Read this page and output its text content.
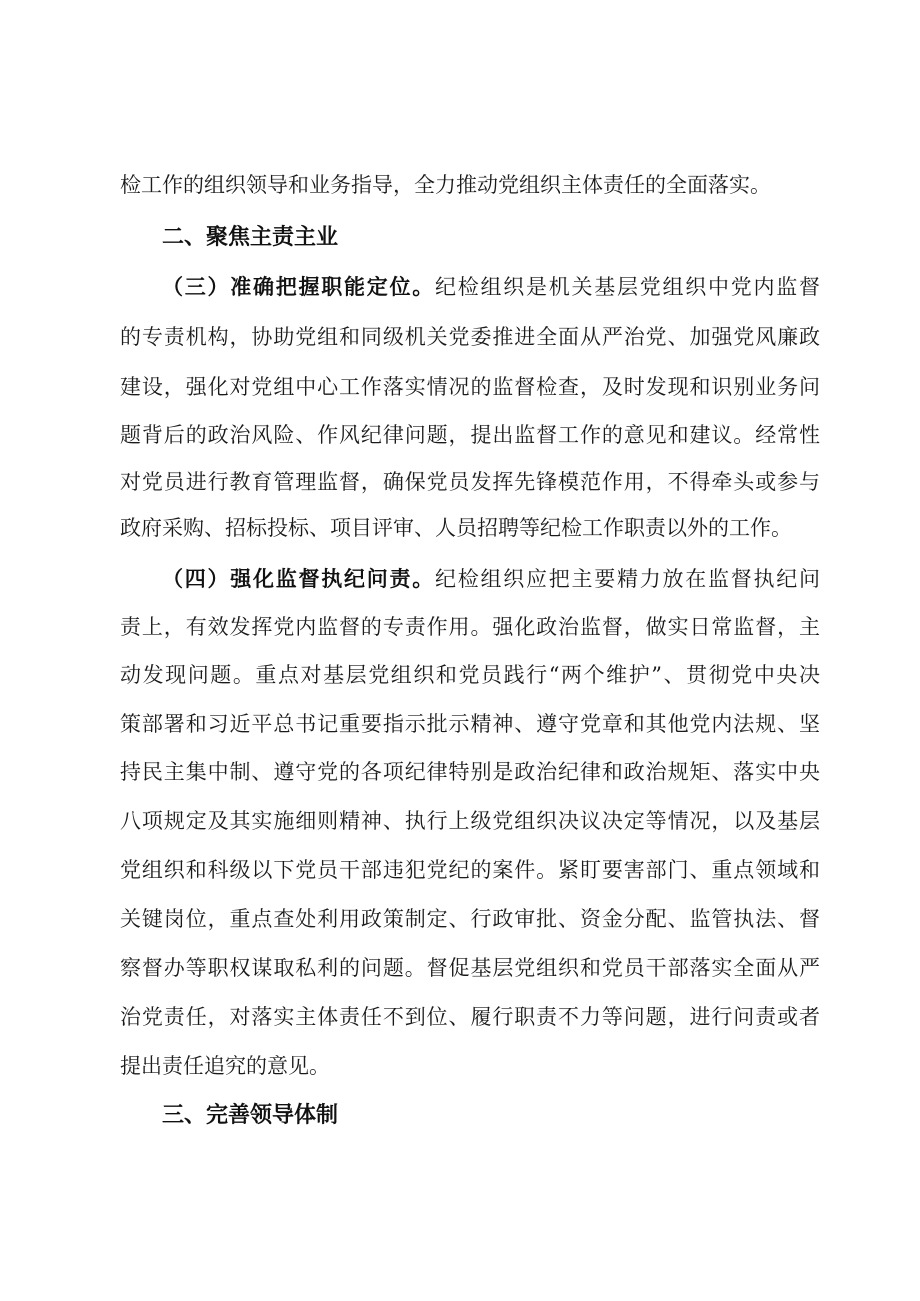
检工作的组织领导和业务指导，全力推动党组织主体责任的全面落实。
二、聚焦主责主业
（三）准确把握职能定位。纪检组织是机关基层党组织中党内监督
的专责机构，协助党组和同级机关党委推进全面从严治党、加强党风廉政
建设，强化对党组中心工作落实情况的监督检查，及时发现和识别业务问
题背后的政治风险、作风纪律问题，提出监督工作的意见和建议。经常性
对党员进行教育管理监督，确保党员发挥先锋模范作用，不得牵头或参与
政府采购、招标投标、项目评审、人员招聘等纪检工作职责以外的工作。
（四）强化监督执纪问责。纪检组织应把主要精力放在监督执纪问
责上，有效发挥党内监督的专责作用。强化政治监督，做实日常监督，主
动发现问题。重点对基层党组织和党员践行“两个维护”、贯彻党中央决
策部署和习近平总书记重要指示批示精神、遵守党章和其他党内法规、坚
持民主集中制、遵守党的各项纪律特别是政治纪律和政治规矩、落实中央
八项规定及其实施细则精神、执行上级党组织决议决定等情况，以及基层
党组织和科级以下党员干部违犯党纪的案件。紧盯要害部门、重点领域和
关键岗位，重点查处利用政策制定、行政审批、资金分配、监管执法、督
察督办等职权谋取私利的问题。督促基层党组织和党员干部落实全面从严
治党责任，对落实主体责任不到位、履行职责不力等问题，进行问责或者
提出责任追究的意见。
三、完善领导体制
